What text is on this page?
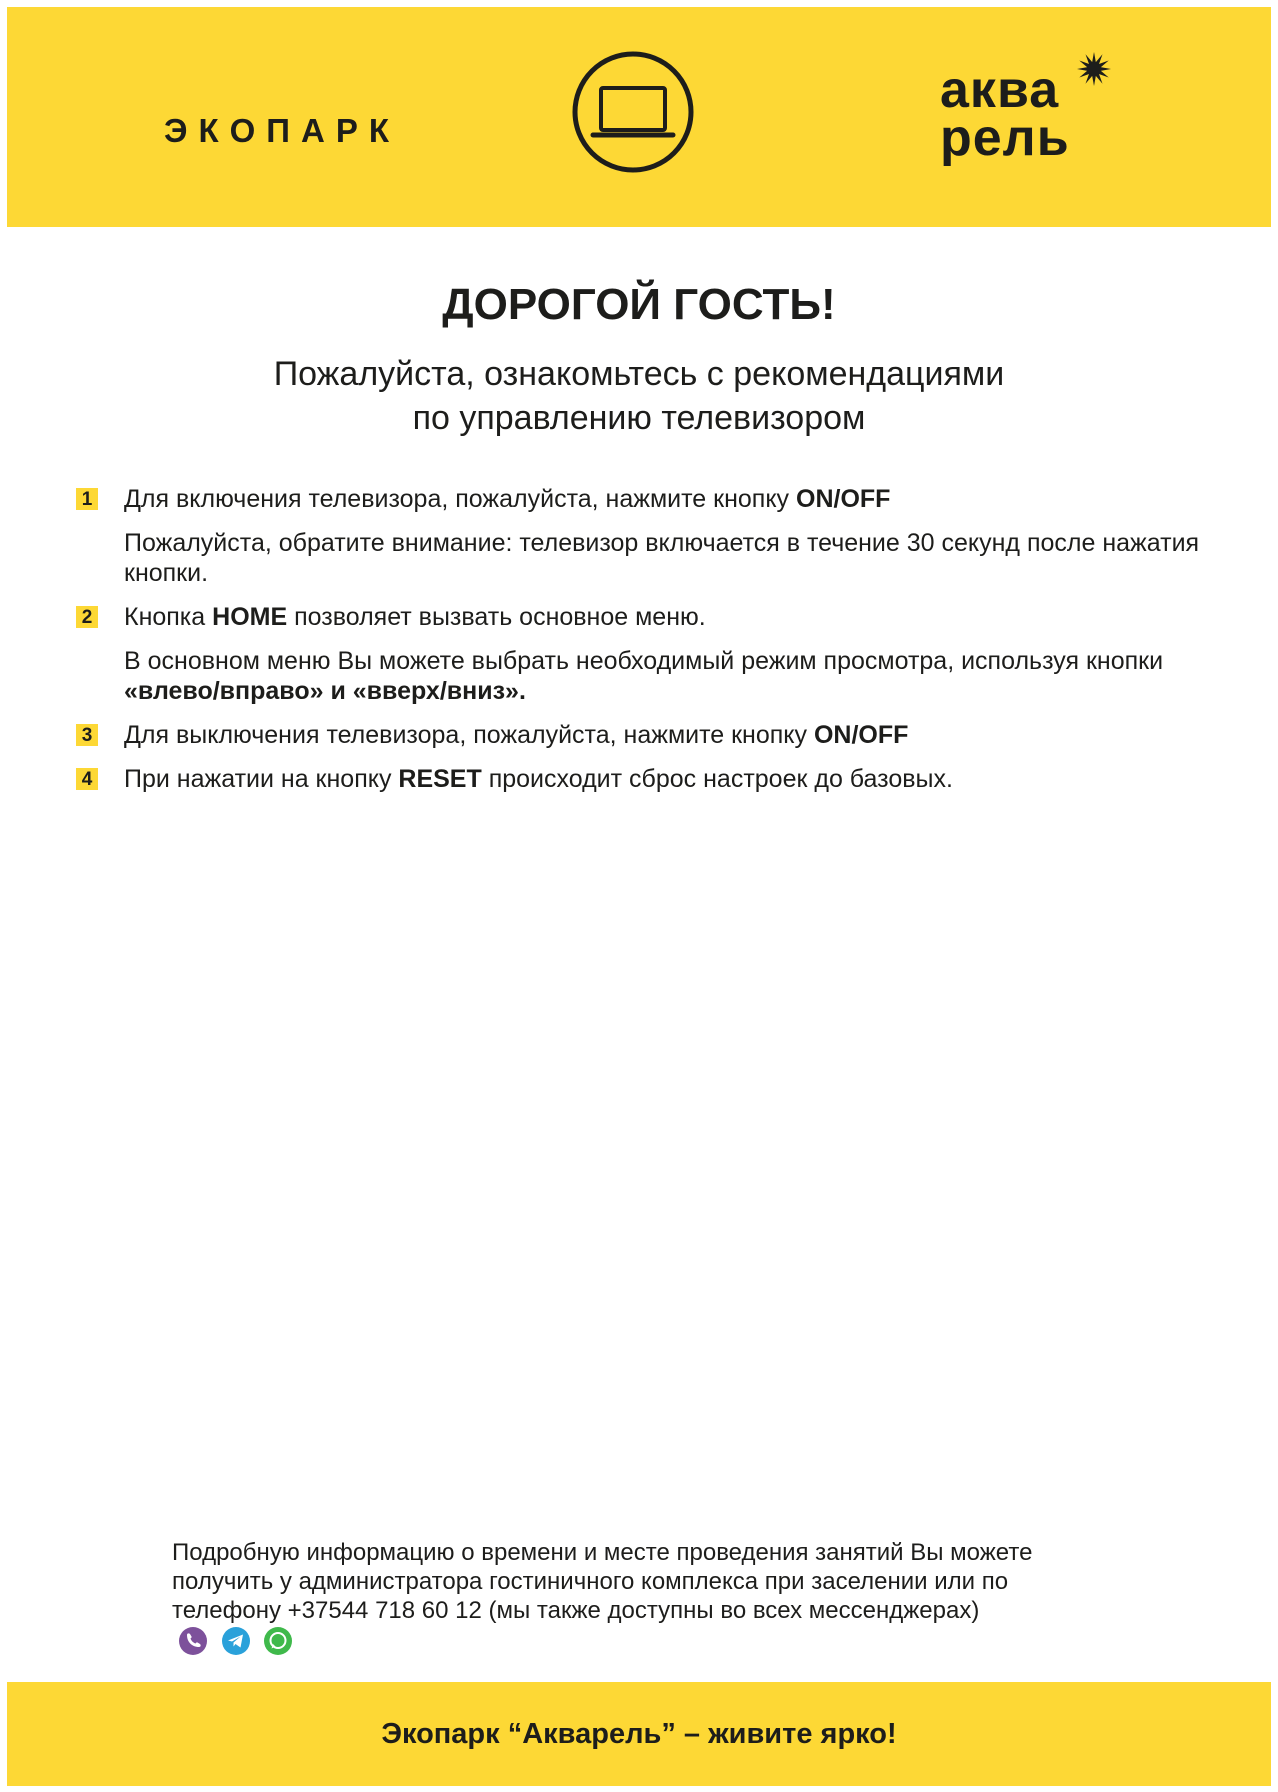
ЭКОПАРК
аква
рель
ДОРОГОЙ ГОСТЬ!
Пожалуйста, ознакомьтесь с рекомендациями
по управлению телевизором
1 Для включения телевизора, пожалуйста, нажмите кнопку ON/OFF

Пожалуйста, обратите внимание: телевизор включается в течение 30 секунд после нажатия кнопки.

2 Кнопка HOME позволяет вызвать основное меню.

В основном меню Вы можете выбрать необходимый режим просмотра, используя кнопки «влево/вправо» и «вверх/вниз».

3 Для выключения телевизора, пожалуйста, нажмите кнопку ON/OFF

4 При нажатии на кнопку RESET происходит сброс настроек до базовых.

Подробную информацию о времени и месте проведения занятий Вы можете получить у администратора гостиничного комплекса при заселении или по телефону +37544 718 60 12 (мы также доступны во всех мессенджерах)
Экопарк “Акварель” – живите ярко!
